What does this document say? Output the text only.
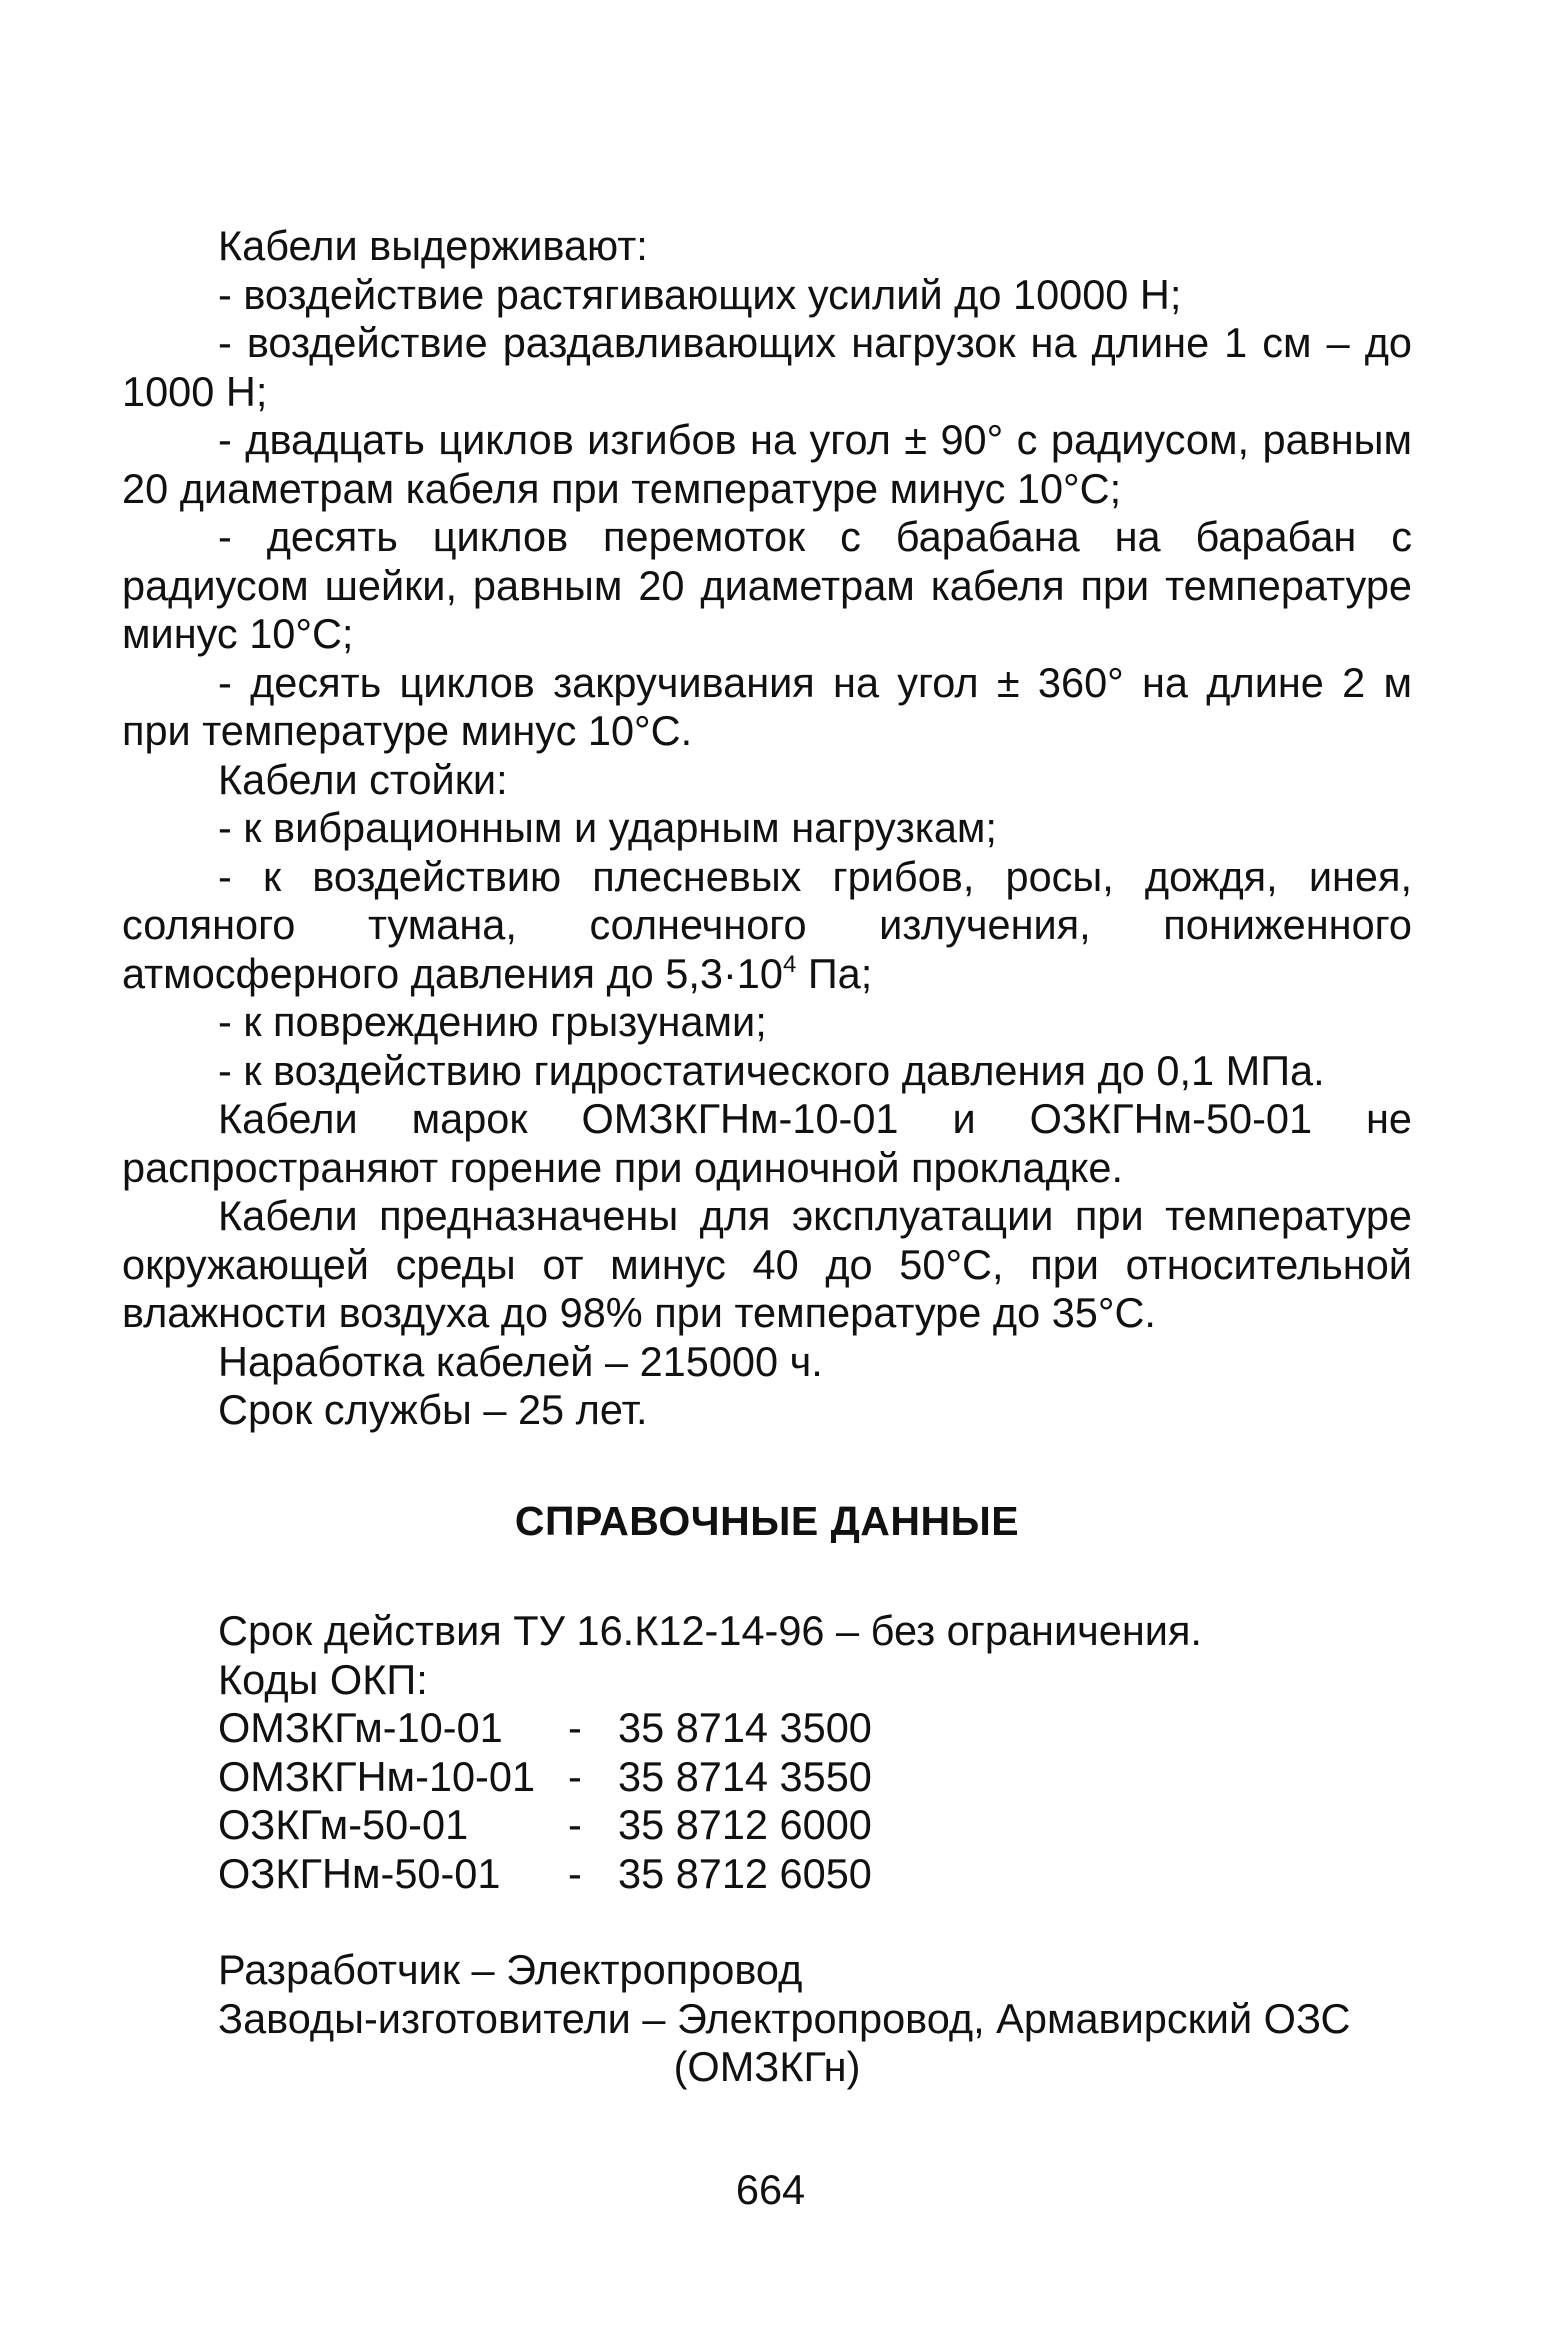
Кабели выдерживают:

- воздействие растягивающих усилий до 10000 Н;

- воздействие раздавливающих нагрузок на длине 1 см – до 1000 Н;

- двадцать циклов изгибов на угол ± 90° с радиусом, равным 20 диаметрам кабеля при температуре минус 10°С;

- десять циклов перемоток с барабана на барабан с радиусом шейки, равным 20 диаметрам кабеля при температуре минус 10°С;

- десять циклов закручивания на угол ± 360° на длине 2 м при температуре минус 10°С.

Кабели стойки:

- к вибрационным и ударным нагрузкам;

- к воздействию плесневых грибов, росы, дождя, инея, соляного тумана, солнечного излучения, пониженного атмосферного давления до $5,3\cdot 10^4$ Па;

- к повреждению грызунами;

- к воздействию гидростатического давления до 0,1 МПа.

Кабели марок ОМЗКГНм-10-01 и ОЗКГНм-50-01 не распространяют горение при одиночной прокладке.

Кабели предназначены для эксплуатации при температуре окружающей среды от минус 40 до 50°С, при относительной влажности воздуха до 98% при температуре до 35°С.

Наработка кабелей – 215000 ч.

Срок службы – 25 лет.

СПРАВОЧНЫЕ ДАННЫЕ

Срок действия ТУ 16.К12-14-96 – без ограничения.

Коды ОКП:

ОМЗКГм-10-01	- 35 8714 3500
ОМЗКГНм-10-01 - 35 8714 3550
ОЗКГм-50-01	- 35 8712 6000
ОЗКГНм-50-01	- 35 8712 6050

Разработчик – Электропровод

Заводы-изготовители – Электропровод, Армавирский ОЗС

(ОМЗКГн)

664
